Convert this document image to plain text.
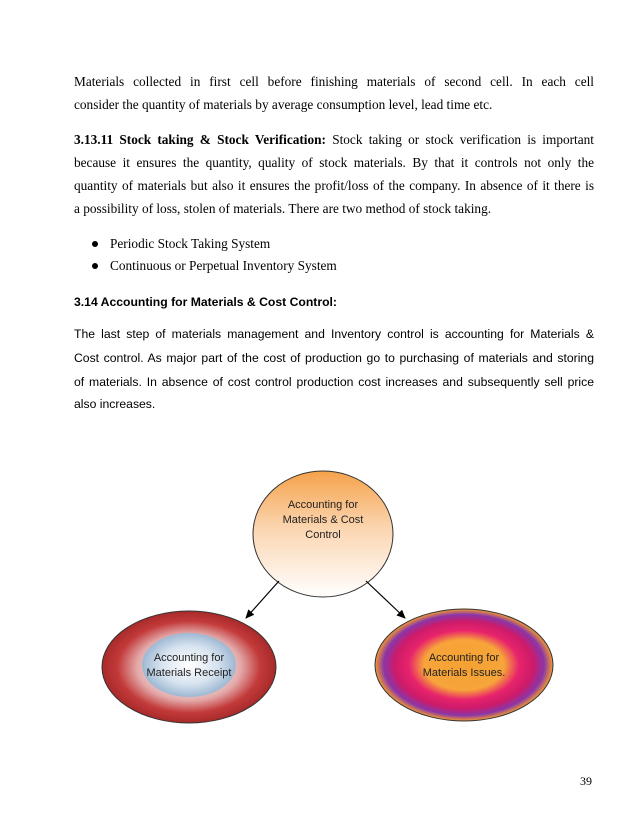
Materials collected in first cell before finishing materials of second cell. In each cell
consider the quantity of materials by average consumption level, lead time etc.
3.13.11 Stock taking & Stock Verification: Stock taking or stock verification is important
because it ensures the quantity, quality of stock materials. By that it controls not only the
quantity of materials but also it ensures the profit/loss of the company. In absence of it there is
a possibility of loss, stolen of materials. There are two method of stock taking.
Periodic Stock Taking System
Continuous or Perpetual Inventory System
3.14 Accounting for Materials & Cost Control:
The last step of materials management and Inventory control is accounting for Materials &
Cost control. As major part of the cost of production go to purchasing of materials and storing
of materials. In absence of cost control production cost increases and subsequently sell price
also increases.
Accounting for
Materials & Cost
Control
Accounting for
Materials Receipt
Accounting for
Materials Issues.
39
